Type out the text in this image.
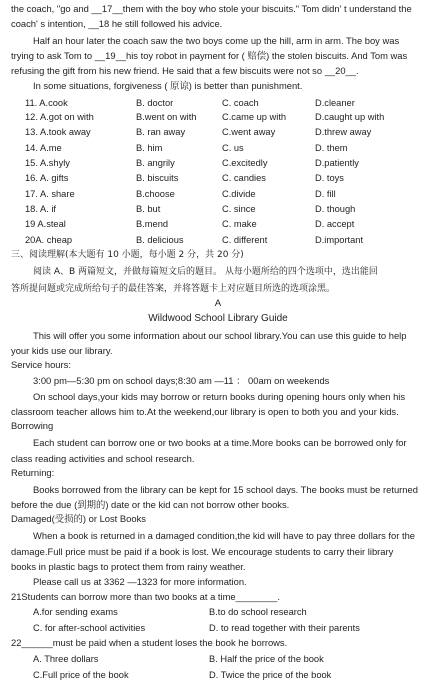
the coach, "go and __17__them with the boy who stole your biscuits." Tom didn' t understand the
coach' s intention, __18 he still followed his advice.
Half an hour later the coach saw the two boys come up the hill, arm in arm. The boy was
trying to ask Tom to __19__his toy robot in payment for ( 赔偿) the stolen biscuits. And Tom was
refusing the gift from his new friend. He said that a few biscuits were not so __20__.
In some situations, forgiveness ( 原谅) is better than punishment.
11. A.cook	B. doctor	C. coach	D.cleaner
12. A.got on with	B.went on with	C.came up with	D.caught up with
13. A.took away	B. ran away	C.went away	D.threw away
14. A.me	B. him	C. us	D. them
15. A.shyly	B. angrily	C.excitedly	D.patiently
16. A. gifts	B. biscuits	C. candies	D. toys
17. A. share	B.choose	C.divide	D. fill
18. A. if	B. but	C. since	D. though
19 A.steal	B.mend	C. make	D. accept
20A. cheap	B. delicious	C. different	D.important
三、阅读理解(本大题有 10 小题，每小题 2 分，共 20 分)
阅读 A、B 两篇短文，并做每篇短文后的题目。 从每小题所给的四个选项中，选出能回
答所提问题或完成所给句子的最佳答案，并将答题卡上对应题目所选的选项涂黑。
A
Wildwood School Library Guide
This will offer you some information about our school library.You can use this guide to help
your kids use our library.
Service hours:
3:00 pm—5:30 pm on school days;8:30 am —11 ： 00am on weekends
On school days,your kids may borrow or return books during opening hours only when his
classroom teacher allows him to.At the weekend,our library is open to both you and your kids.
Borrowing
Each student can borrow one or two books at a time.More books can be borrowed only for
class reading activities and school research.
Returning:
Books borrowed from the library can be kept for 15 school days. The books must be returned
before the due (到期的) date or the kid can not borrow other books.
Damaged(受损的) or Lost Books
When a book is returned in a damaged condition,the kid will have to pay three dollars for the
damage.Full price must be paid if a book is lost. We encourage students to carry their library
books in plastic bags to protect them from rainy weather.
Please call us at 3362 —1323 for more information.
21Students can borrow more than two books at a time________.
A.for sending exams	B.to do school research
C. for after-school activities	D. to read together with their parents
22______must be paid when a student loses the book he borrows.
A. Three dollars	B. Half the price of the book
C.Full price of the book	D. Twice the price of the book
